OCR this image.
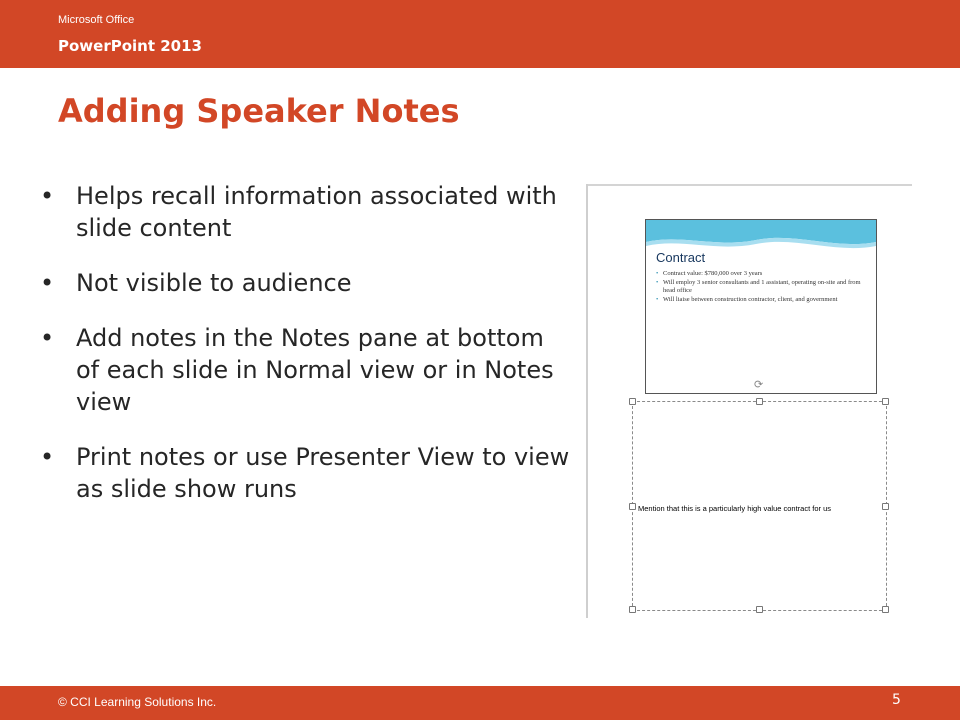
Microsoft Office
PowerPoint 2013
Adding Speaker Notes
• Helps recall information associated with slide content
• Not visible to audience
• Add notes in the Notes pane at bottom of each slide in Normal view or in Notes view
• Print notes or use Presenter View to view as slide show runs
Contract
• Contract value: $780,000 over 3 years
• Will employ 3 senior consultants and 1 assistant, operating on-site and from head office
• Will liaise between construction contractor, client, and government
⟳
Mention that this is a particularly high value contract for us
© CCI Learning Solutions Inc.	5
